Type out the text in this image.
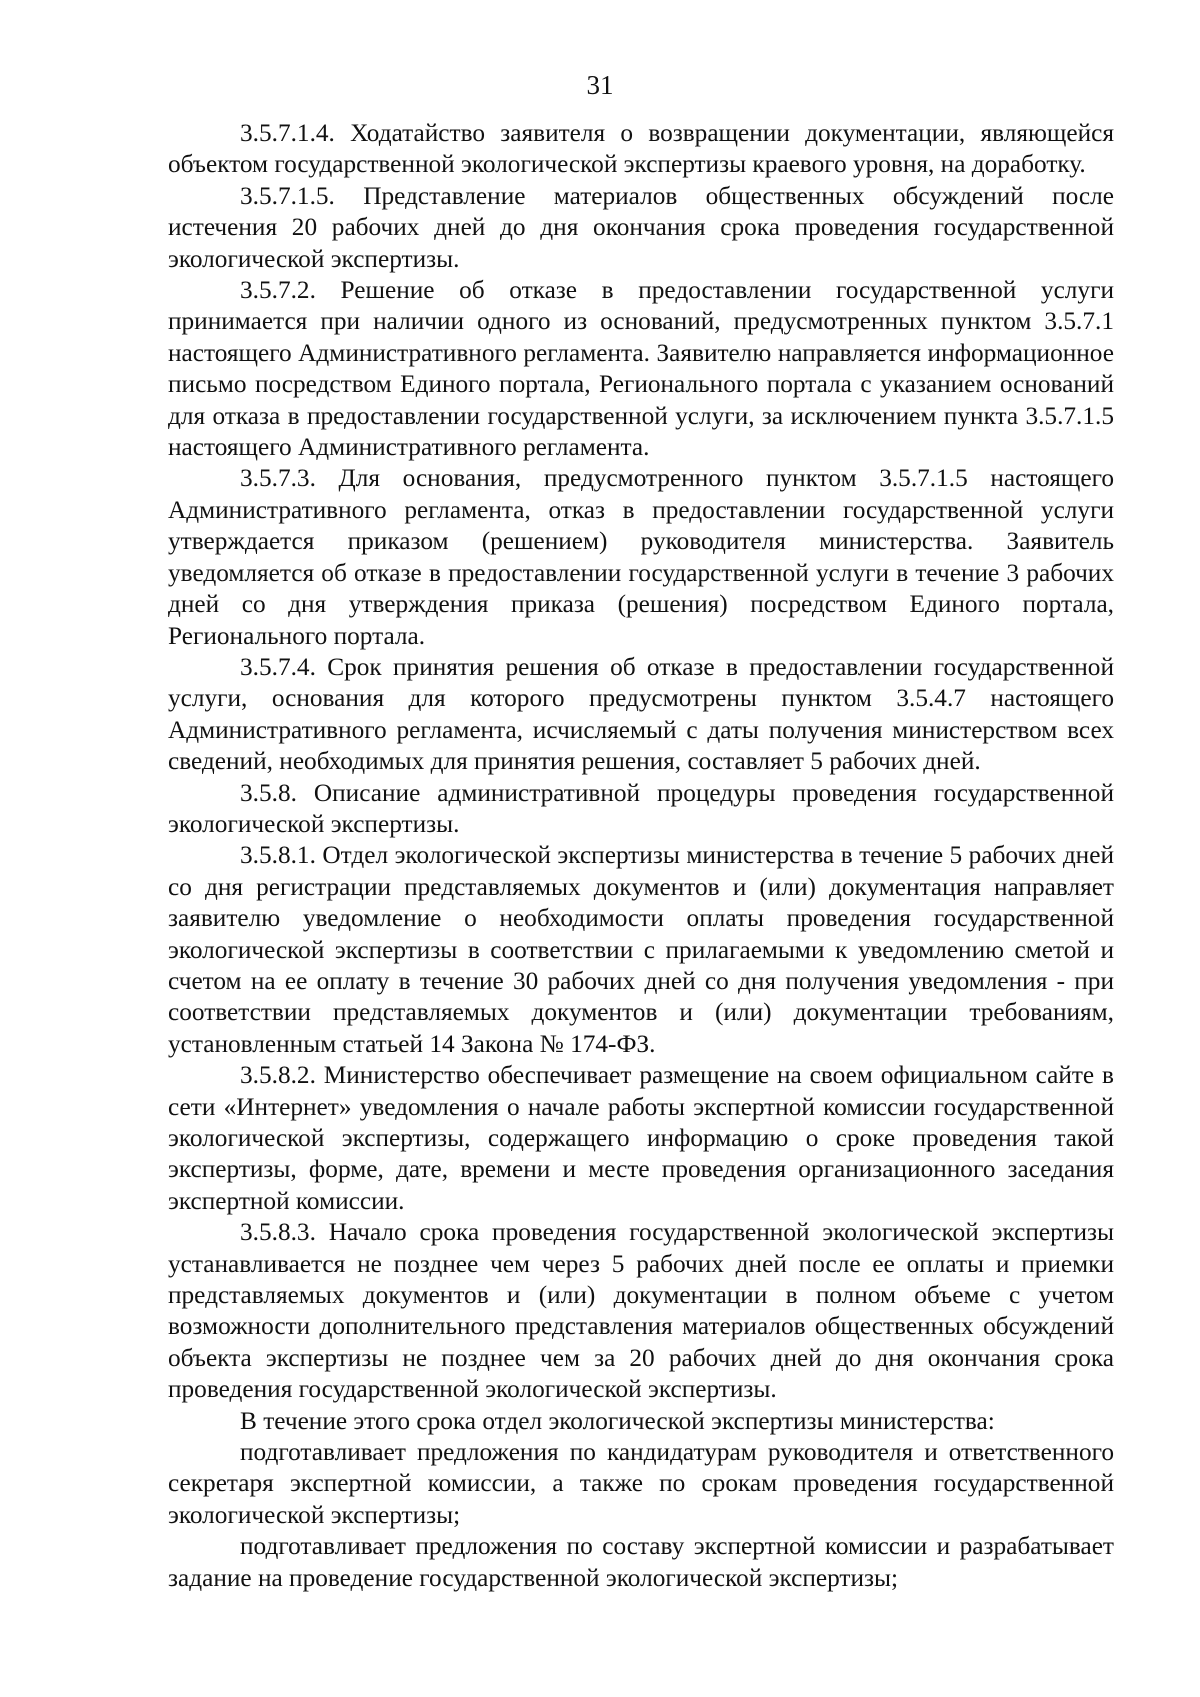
31

3.5.7.1.4. Ходатайство заявителя о возвращении документации, являющейся объектом государственной экологической экспертизы краевого уровня, на доработку.

3.5.7.1.5. Представление материалов общественных обсуждений после истечения 20 рабочих дней до дня окончания срока проведения государственной экологической экспертизы.

3.5.7.2. Решение об отказе в предоставлении государственной услуги принимается при наличии одного из оснований, предусмотренных пунктом 3.5.7.1 настоящего Административного регламента. Заявителю направляется информационное письмо посредством Единого портала, Регионального портала с указанием оснований для отказа в предоставлении государственной услуги, за исключением пункта 3.5.7.1.5 настоящего Административного регламента.

3.5.7.3. Для основания, предусмотренного пунктом 3.5.7.1.5 настоящего Административного регламента, отказ в предоставлении государственной услуги утверждается приказом (решением) руководителя министерства. Заявитель уведомляется об отказе в предоставлении государственной услуги в течение 3 рабочих дней со дня утверждения приказа (решения) посредством Единого портала, Регионального портала.

3.5.7.4. Срок принятия решения об отказе в предоставлении государственной услуги, основания для которого предусмотрены пунктом 3.5.4.7 настоящего Административного регламента, исчисляемый с даты получения министерством всех сведений, необходимых для принятия решения, составляет 5 рабочих дней.

3.5.8. Описание административной процедуры проведения государственной экологической экспертизы.

3.5.8.1. Отдел экологической экспертизы министерства в течение 5 рабочих дней со дня регистрации представляемых документов и (или) документация направляет заявителю уведомление о необходимости оплаты проведения государственной экологической экспертизы в соответствии с прилагаемыми к уведомлению сметой и счетом на ее оплату в течение 30 рабочих дней со дня получения уведомления - при соответствии представляемых документов и (или) документации требованиям, установленным статьей 14 Закона № 174-ФЗ.

3.5.8.2. Министерство обеспечивает размещение на своем официальном сайте в сети «Интернет» уведомления о начале работы экспертной комиссии государственной экологической экспертизы, содержащего информацию о сроке проведения такой экспертизы, форме, дате, времени и месте проведения организационного заседания экспертной комиссии.

3.5.8.3. Начало срока проведения государственной экологической экспертизы устанавливается не позднее чем через 5 рабочих дней после ее оплаты и приемки представляемых документов и (или) документации в полном объеме с учетом возможности дополнительного представления материалов общественных обсуждений объекта экспертизы не позднее чем за 20 рабочих дней до дня окончания срока проведения государственной экологической экспертизы.

В течение этого срока отдел экологической экспертизы министерства:

подготавливает предложения по кандидатурам руководителя и ответственного секретаря экспертной комиссии, а также по срокам проведения государственной экологической экспертизы;

подготавливает предложения по составу экспертной комиссии и разрабатывает задание на проведение государственной экологической экспертизы;
